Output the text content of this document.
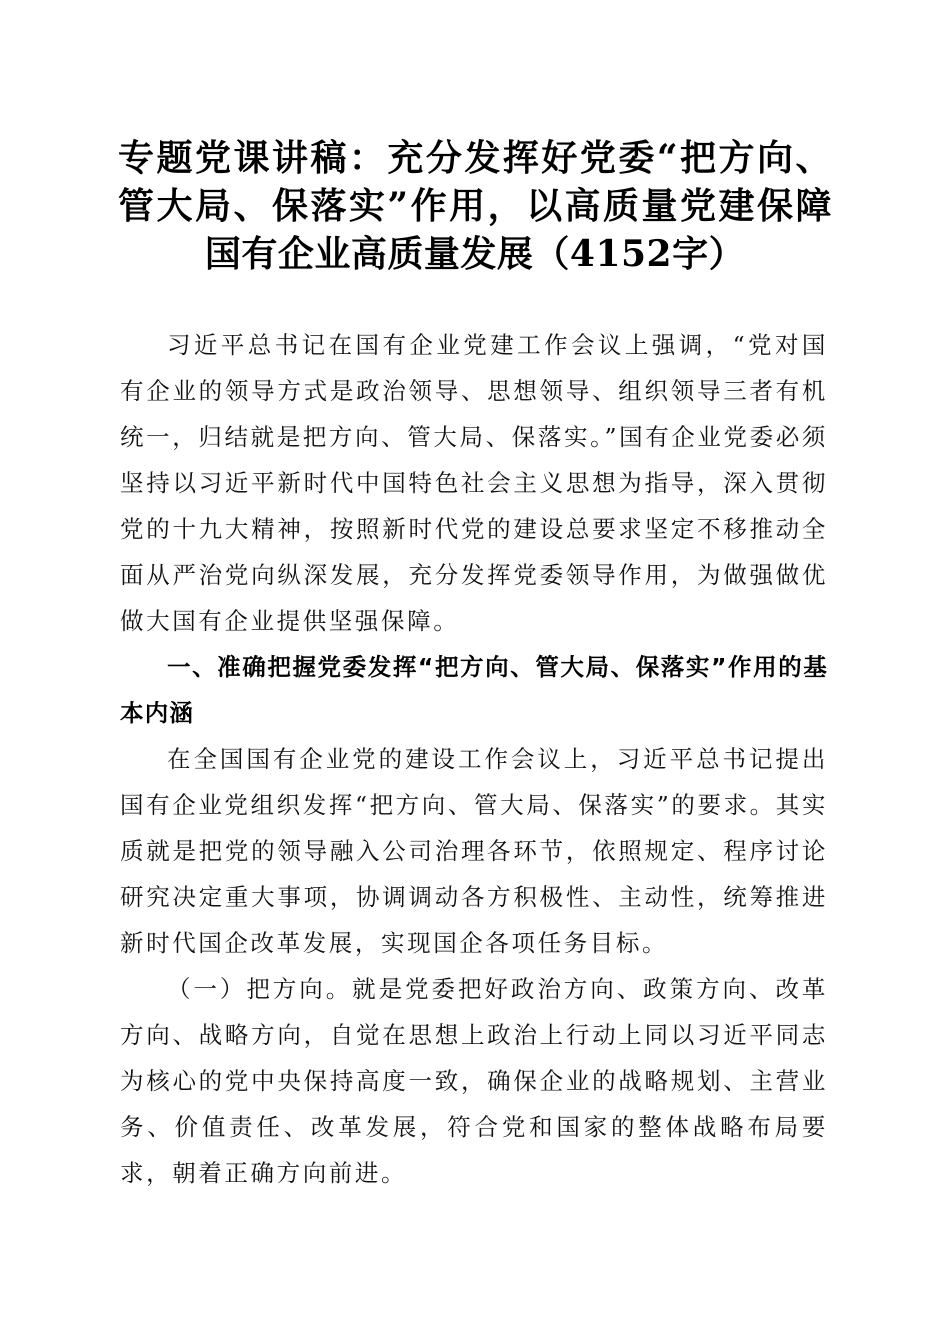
专题党课讲稿：充分发挥好党委“把方向、管大局、保落实”作用，以高质量党建保障国有企业高质量发展（4152字）

习近平总书记在国有企业党建工作会议上强调，“党对国有企业的领导方式是政治领导、思想领导、组织领导三者有机统一，归结就是把方向、管大局、保落实。”国有企业党委必须坚持以习近平新时代中国特色社会主义思想为指导，深入贯彻党的十九大精神，按照新时代党的建设总要求坚定不移推动全面从严治党向纵深发展，充分发挥党委领导作用，为做强做优做大国有企业提供坚强保障。

一、准确把握党委发挥“把方向、管大局、保落实”作用的基本内涵

在全国国有企业党的建设工作会议上，习近平总书记提出国有企业党组织发挥“把方向、管大局、保落实”的要求。其实质就是把党的领导融入公司治理各环节，依照规定、程序讨论研究决定重大事项，协调调动各方积极性、主动性，统筹推进新时代国企改革发展，实现国企各项任务目标。

（一）把方向。就是党委把好政治方向、政策方向、改革方向、战略方向，自觉在思想上政治上行动上同以习近平同志为核心的党中央保持高度一致，确保企业的战略规划、主营业务、价值责任、改革发展，符合党和国家的整体战略布局要求，朝着正确方向前进。
